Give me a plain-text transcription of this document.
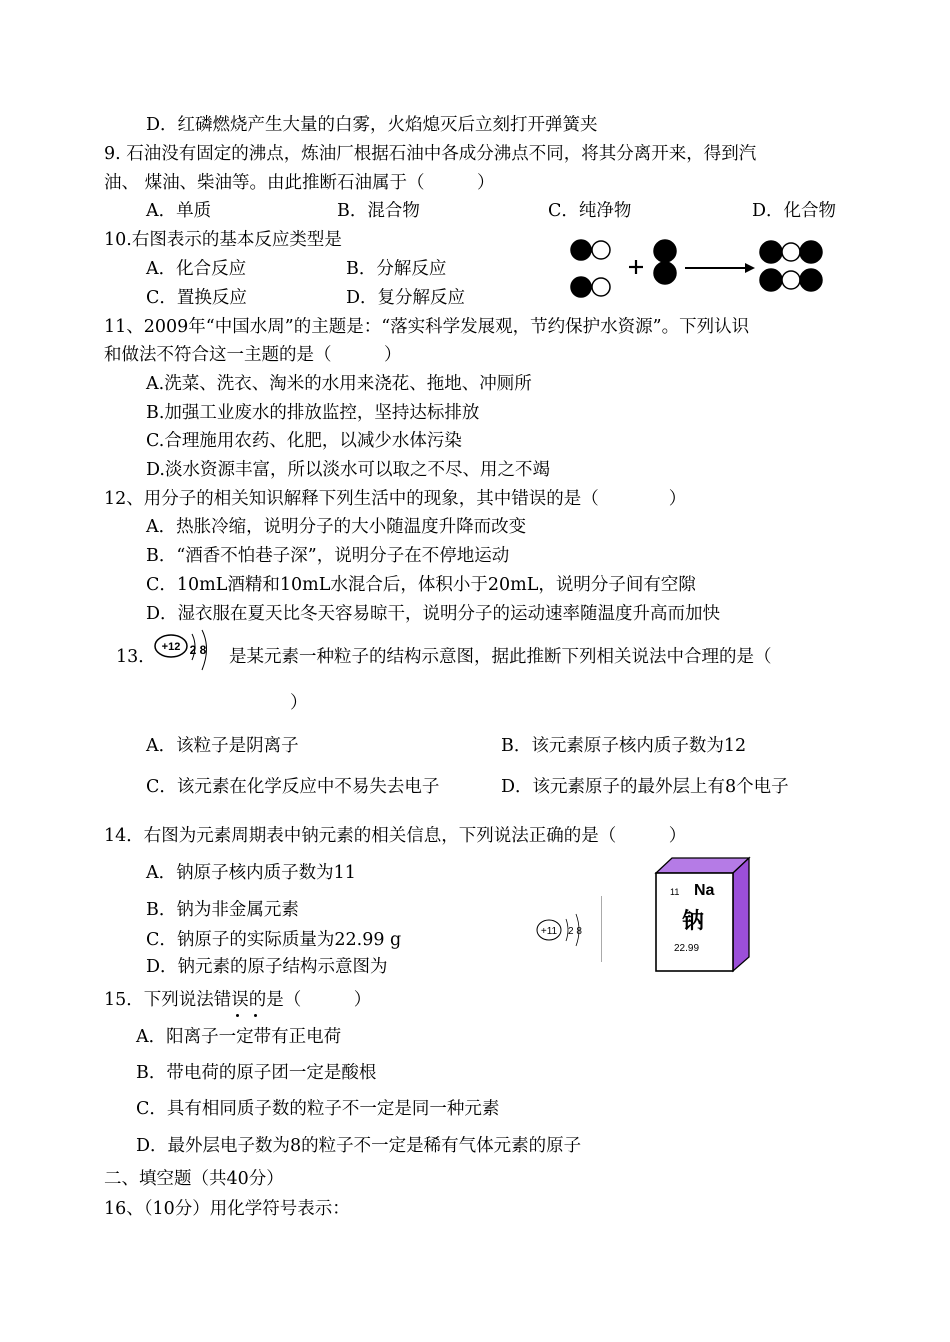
D．红磷燃烧产生大量的白雾，火焰熄灭后立刻打开弹簧夹
9. 石油没有固定的沸点，炼油厂根据石油中各成分沸点不同，将其分离开来，得到汽
油、 煤油、柴油等。由此推断石油属于（　　　）
A．单质	B．混合物	C．纯净物	D．化合物
10.右图表示的基本反应类型是
A．化合反应	B．分解反应
C．置换反应	D．复分解反应
11、2009年“中国水周”的主题是：“落实科学发展观，节约保护水资源”。下列认识
和做法不符合这一主题的是（　　　）
A.洗菜、洗衣、淘米的水用来浇花、拖地、冲厕所
B.加强工业废水的排放监控，坚持达标排放
C.合理施用农药、化肥，以减少水体污染
D.淡水资源丰富，所以淡水可以取之不尽、用之不竭
12、用分子的相关知识解释下列生活中的现象，其中错误的是（　　　　）
A．热胀冷缩，说明分子的大小随温度升降而改变
B．“酒香不怕巷子深”，说明分子在不停地运动
C．10mL酒精和10mL水混合后，体积小于20mL，说明分子间有空隙
D．湿衣服在夏天比冬天容易晾干，说明分子的运动速率随温度升高而加快
13． +12 2 8 是某元素一种粒子的结构示意图，据此推断下列相关说法中合理的是（
）
A．该粒子是阴离子	B．该元素原子核内质子数为12
C．该元素在化学反应中不易失去电子	D．该元素原子的最外层上有8个电子
14．右图为元素周期表中钠元素的相关信息，下列说法正确的是（　　　）
A．钠原子核内质子数为11
B．钠为非金属元素
C．钠原子的实际质量为22.99 g
D．钠元素的原子结构示意图为
+11 2 8
11 Na
钠
22.99
15．下列说法错误的是（　　　）
A．阳离子一定带有正电荷
B．带电荷的原子团一定是酸根
C．具有相同质子数的粒子不一定是同一种元素
D．最外层电子数为8的粒子不一定是稀有气体元素的原子
二、填空题（共40分）
16、（10分）用化学符号表示：
